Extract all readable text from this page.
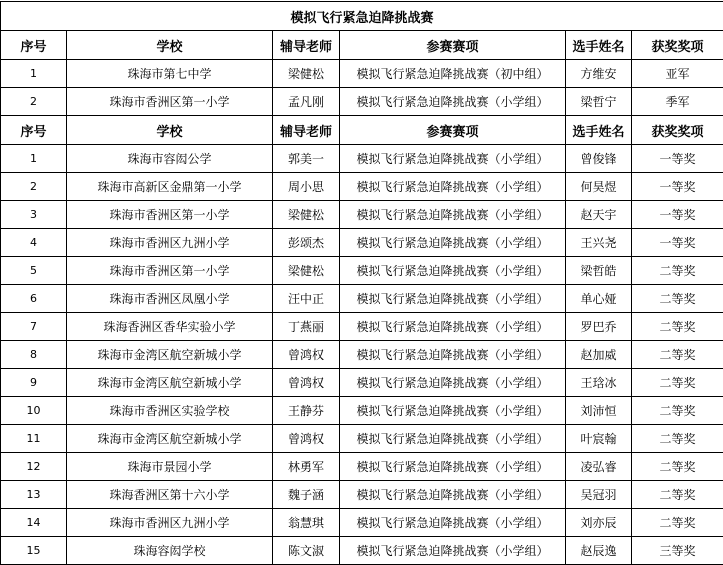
模拟飞行紧急迫降挑战赛					
序号	学校	辅导老师	参赛赛项	选手姓名	获奖奖项
1	珠海市第七中学	梁健松	模拟飞行紧急迫降挑战赛（初中组）	方维安	亚军
2	珠海市香洲区第一小学	孟凡刚	模拟飞行紧急迫降挑战赛（小学组）	梁哲宁	季军
序号	学校	辅导老师	参赛赛项	选手姓名	获奖奖项
1	珠海市容闳公学	郭美一	模拟飞行紧急迫降挑战赛（小学组）	曾俊锋	一等奖
2	珠海市高新区金鼎第一小学	周小思	模拟飞行紧急迫降挑战赛（小学组）	何昊煜	一等奖
3	珠海市香洲区第一小学	梁健松	模拟飞行紧急迫降挑战赛（小学组）	赵天宇	一等奖
4	珠海市香洲区九洲小学	彭颂杰	模拟飞行紧急迫降挑战赛（小学组）	王兴尧	一等奖
5	珠海市香洲区第一小学	梁健松	模拟飞行紧急迫降挑战赛（小学组）	梁哲皓	二等奖
6	珠海市香洲区凤凰小学	汪中正	模拟飞行紧急迫降挑战赛（小学组）	单心娅	二等奖
7	珠海香洲区香华实验小学	丁燕丽	模拟飞行紧急迫降挑战赛（小学组）	罗巴乔	二等奖
8	珠海市金湾区航空新城小学	曾鸿权	模拟飞行紧急迫降挑战赛（小学组）	赵加威	二等奖
9	珠海市金湾区航空新城小学	曾鸿权	模拟飞行紧急迫降挑战赛（小学组）	王琀冰	二等奖
10	珠海市香洲区实验学校	王静芬	模拟飞行紧急迫降挑战赛（小学组）	刘沛恒	二等奖
11	珠海市金湾区航空新城小学	曾鸿权	模拟飞行紧急迫降挑战赛（小学组）	叶宸翰	二等奖
12	珠海市景园小学	林勇军	模拟飞行紧急迫降挑战赛（小学组）	凌弘睿	二等奖
13	珠海香洲区第十六小学	魏子涵	模拟飞行紧急迫降挑战赛（小学组）	吴冠羽	二等奖
14	珠海市香洲区九洲小学	翁慧琪	模拟飞行紧急迫降挑战赛（小学组）	刘亦辰	二等奖
15	珠海容闳学校	陈文淑	模拟飞行紧急迫降挑战赛（小学组）	赵辰逸	三等奖
